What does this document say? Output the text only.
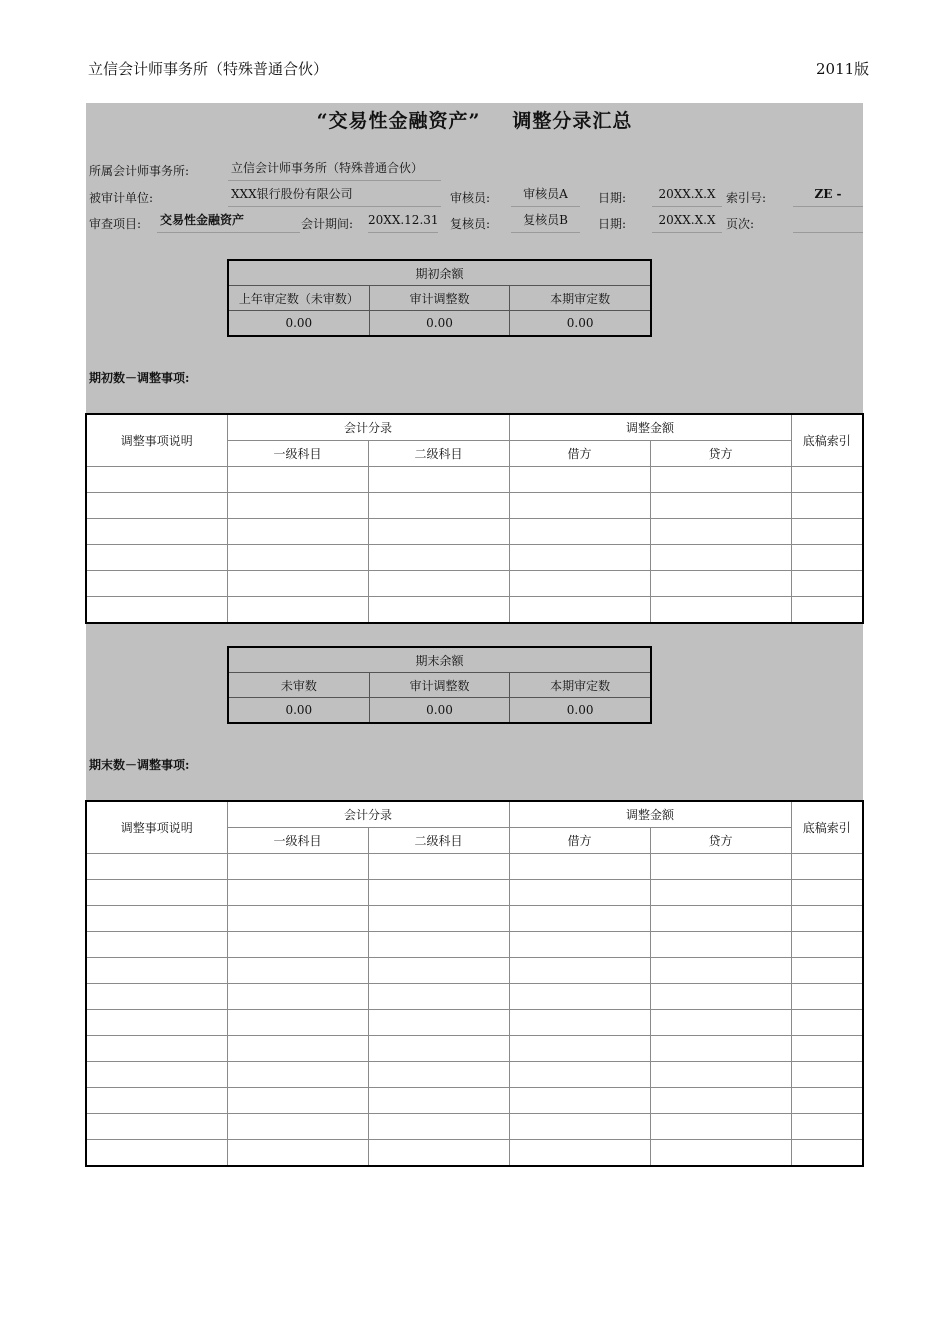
立信会计师事务所（特殊普通合伙）	2011版
“交易性金融资产” 调整分录汇总
所属会计师事务所:	立信会计师事务所（特殊普通合伙）
被审计单位:	XXX银行股份有限公司	审核员:	审核员A	日期:	20XX.X.X 索引号:	ZE -
审查项目: 交易性金融资产	会计期间: 20XX.12.31 复核员:	复核员B	日期:	20XX.X.X 页次:
期初余额		
上年审定数（未审数）	审计调整数	本期审定数
0.00	0.00	0.00
期初数－调整事项:
调整事项说明	会计分录		调整金额		底稿索引
	一级科目	二级科目	借方	贷方	

期末余额		
未审数	审计调整数	本期审定数
0.00	0.00	0.00
期末数－调整事项:
调整事项说明	会计分录		调整金额		底稿索引
	一级科目	二级科目	借方	贷方	
